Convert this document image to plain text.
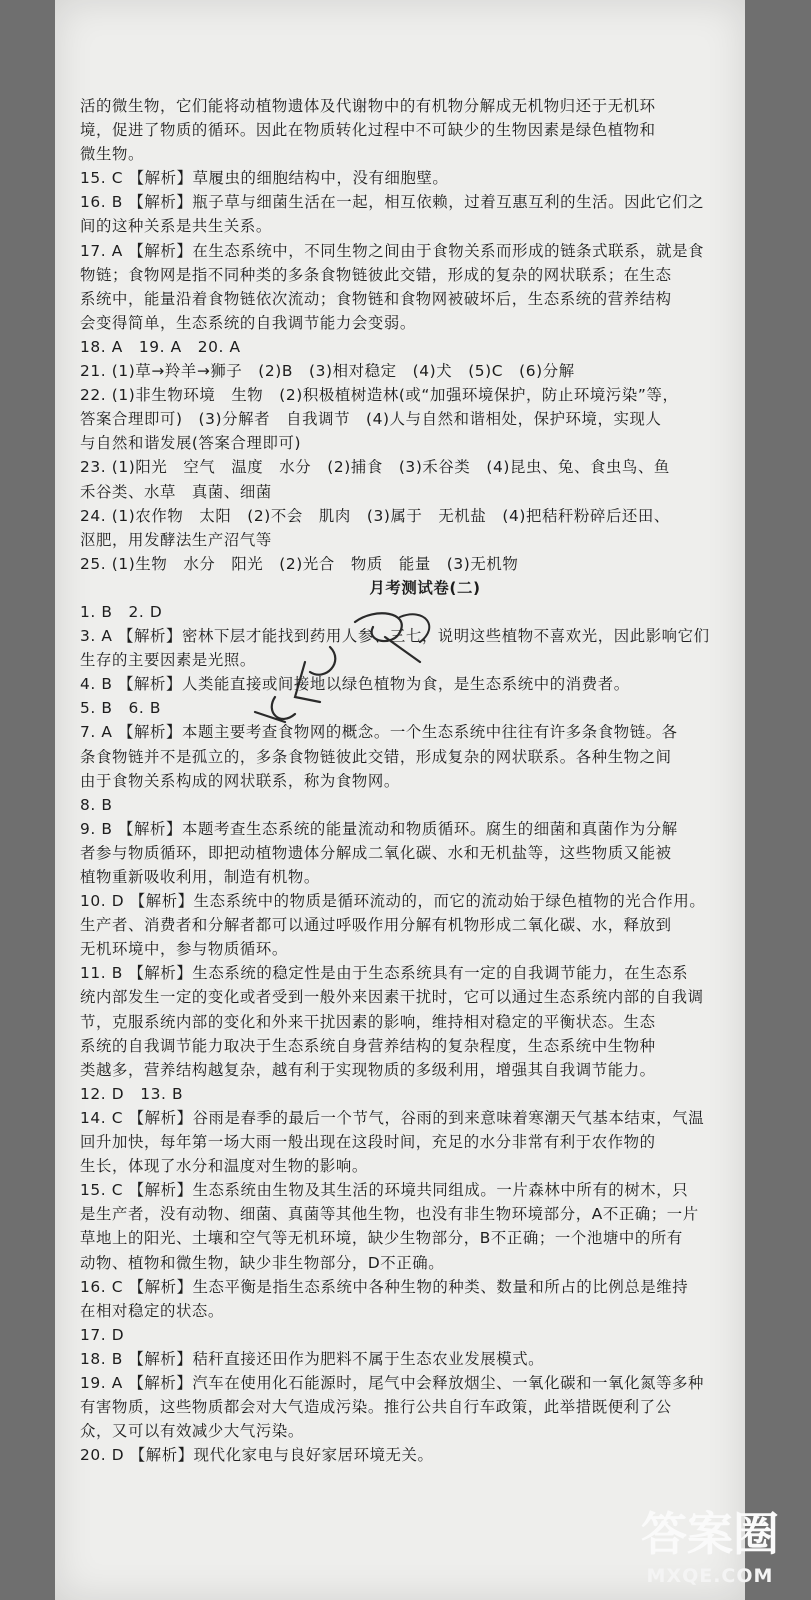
活的微生物，它们能将动植物遗体及代谢物中的有机物分解成无机物归还于无机环
境，促进了物质的循环。因此在物质转化过程中不可缺少的生物因素是绿色植物和
微生物。
15. C 【解析】草履虫的细胞结构中，没有细胞壁。
16. B 【解析】瓶子草与细菌生活在一起，相互依赖，过着互惠互利的生活。因此它们之
间的这种关系是共生关系。
17. A 【解析】在生态系统中，不同生物之间由于食物关系而形成的链条式联系，就是食
物链；食物网是指不同种类的多条食物链彼此交错，形成的复杂的网状联系；在生态
系统中，能量沿着食物链依次流动；食物链和食物网被破坏后，生态系统的营养结构
会变得简单，生态系统的自我调节能力会变弱。
18. A　19. A　20. A
21. (1)草→羚羊→狮子　(2)B　(3)相对稳定　(4)犬　(5)C　(6)分解
22. (1)非生物环境　生物　(2)积极植树造林(或“加强环境保护，防止环境污染”等，
答案合理即可)　(3)分解者　自我调节　(4)人与自然和谐相处，保护环境，实现人
与自然和谐发展(答案合理即可)
23. (1)阳光　空气　温度　水分　(2)捕食　(3)禾谷类　(4)昆虫、兔、食虫鸟、鱼
禾谷类、水草　真菌、细菌
24. (1)农作物　太阳　(2)不会　肌肉　(3)属于　无机盐　(4)把秸秆粉碎后还田、
沤肥，用发酵法生产沼气等
25. (1)生物　水分　阳光　(2)光合　物质　能量　(3)无机物
月考测试卷(二)
1. B　2. D
3. A 【解析】密林下层才能找到药用人参、三七，说明这些植物不喜欢光，因此影响它们
生存的主要因素是光照。
4. B 【解析】人类能直接或间接地以绿色植物为食，是生态系统中的消费者。
5. B　6. B
7. A 【解析】本题主要考查食物网的概念。一个生态系统中往往有许多条食物链。各
条食物链并不是孤立的，多条食物链彼此交错，形成复杂的网状联系。各种生物之间
由于食物关系构成的网状联系，称为食物网。
8. B
9. B 【解析】本题考查生态系统的能量流动和物质循环。腐生的细菌和真菌作为分解
者参与物质循环，即把动植物遗体分解成二氧化碳、水和无机盐等，这些物质又能被
植物重新吸收利用，制造有机物。
10. D 【解析】生态系统中的物质是循环流动的，而它的流动始于绿色植物的光合作用。
生产者、消费者和分解者都可以通过呼吸作用分解有机物形成二氧化碳、水，释放到
无机环境中，参与物质循环。
11. B 【解析】生态系统的稳定性是由于生态系统具有一定的自我调节能力，在生态系
统内部发生一定的变化或者受到一般外来因素干扰时，它可以通过生态系统内部的自我调
节，克服系统内部的变化和外来干扰因素的影响，维持相对稳定的平衡状态。生态
系统的自我调节能力取决于生态系统自身营养结构的复杂程度，生态系统中生物种
类越多，营养结构越复杂，越有利于实现物质的多级利用，增强其自我调节能力。
12. D　13. B
14. C 【解析】谷雨是春季的最后一个节气，谷雨的到来意味着寒潮天气基本结束，气温
回升加快，每年第一场大雨一般出现在这段时间，充足的水分非常有利于农作物的
生长，体现了水分和温度对生物的影响。
15. C 【解析】生态系统由生物及其生活的环境共同组成。一片森林中所有的树木，只
是生产者，没有动物、细菌、真菌等其他生物，也没有非生物环境部分，A不正确；一片
草地上的阳光、土壤和空气等无机环境，缺少生物部分，B不正确；一个池塘中的所有
动物、植物和微生物，缺少非生物部分，D不正确。
16. C 【解析】生态平衡是指生态系统中各种生物的种类、数量和所占的比例总是维持
在相对稳定的状态。
17. D
18. B 【解析】秸秆直接还田作为肥料不属于生态农业发展模式。
19. A 【解析】汽车在使用化石能源时，尾气中会释放烟尘、一氧化碳和一氧化氮等多种
有害物质，这些物质都会对大气造成污染。推行公共自行车政策，此举措既便利了公
众，又可以有效减少大气污染。
20. D 【解析】现代化家电与良好家居环境无关。
答案圈
MXQE.COM
